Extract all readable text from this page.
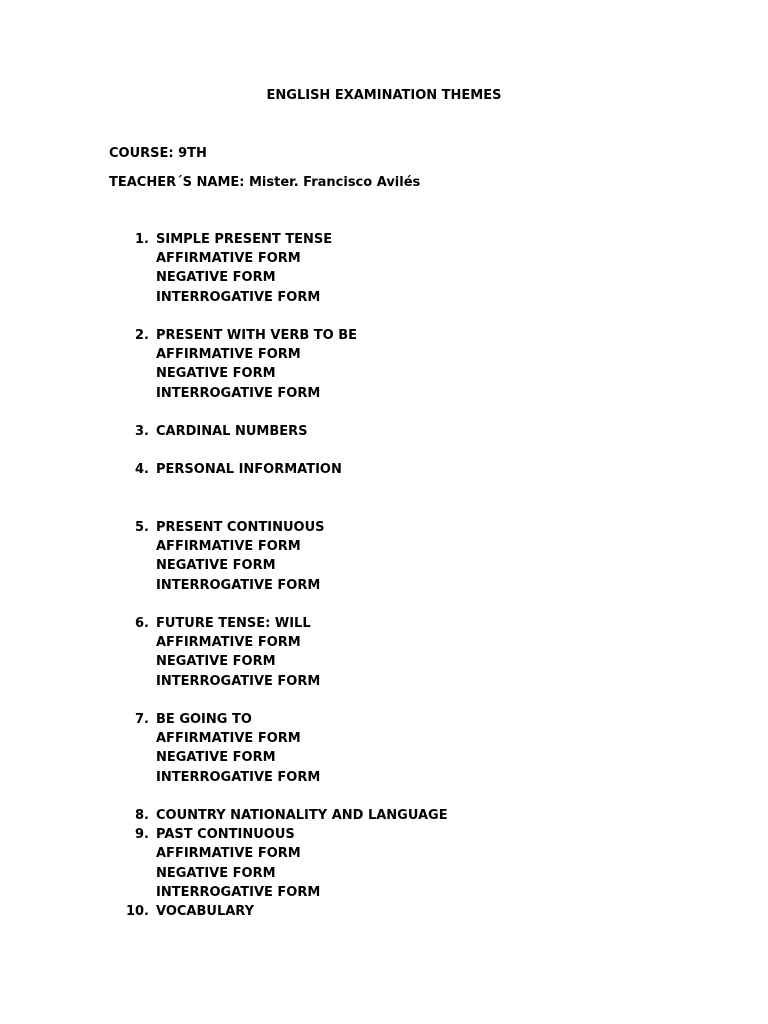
ENGLISH EXAMINATION THEMES

COURSE: 9TH

TEACHER´S NAME: Mister. Francisco Avilés

1. SIMPLE PRESENT TENSE
AFFIRMATIVE FORM
NEGATIVE FORM
INTERROGATIVE FORM
2. PRESENT WITH VERB TO BE
AFFIRMATIVE FORM
NEGATIVE FORM
INTERROGATIVE FORM
3. CARDINAL NUMBERS
4. PERSONAL INFORMATION
5. PRESENT CONTINUOUS
AFFIRMATIVE FORM
NEGATIVE FORM
INTERROGATIVE FORM
6. FUTURE TENSE: WILL
AFFIRMATIVE FORM
NEGATIVE FORM
INTERROGATIVE FORM
7. BE GOING TO
AFFIRMATIVE FORM
NEGATIVE FORM
INTERROGATIVE FORM
8. COUNTRY NATIONALITY AND LANGUAGE
9. PAST CONTINUOUS
AFFIRMATIVE FORM
NEGATIVE FORM
INTERROGATIVE FORM
10. VOCABULARY
